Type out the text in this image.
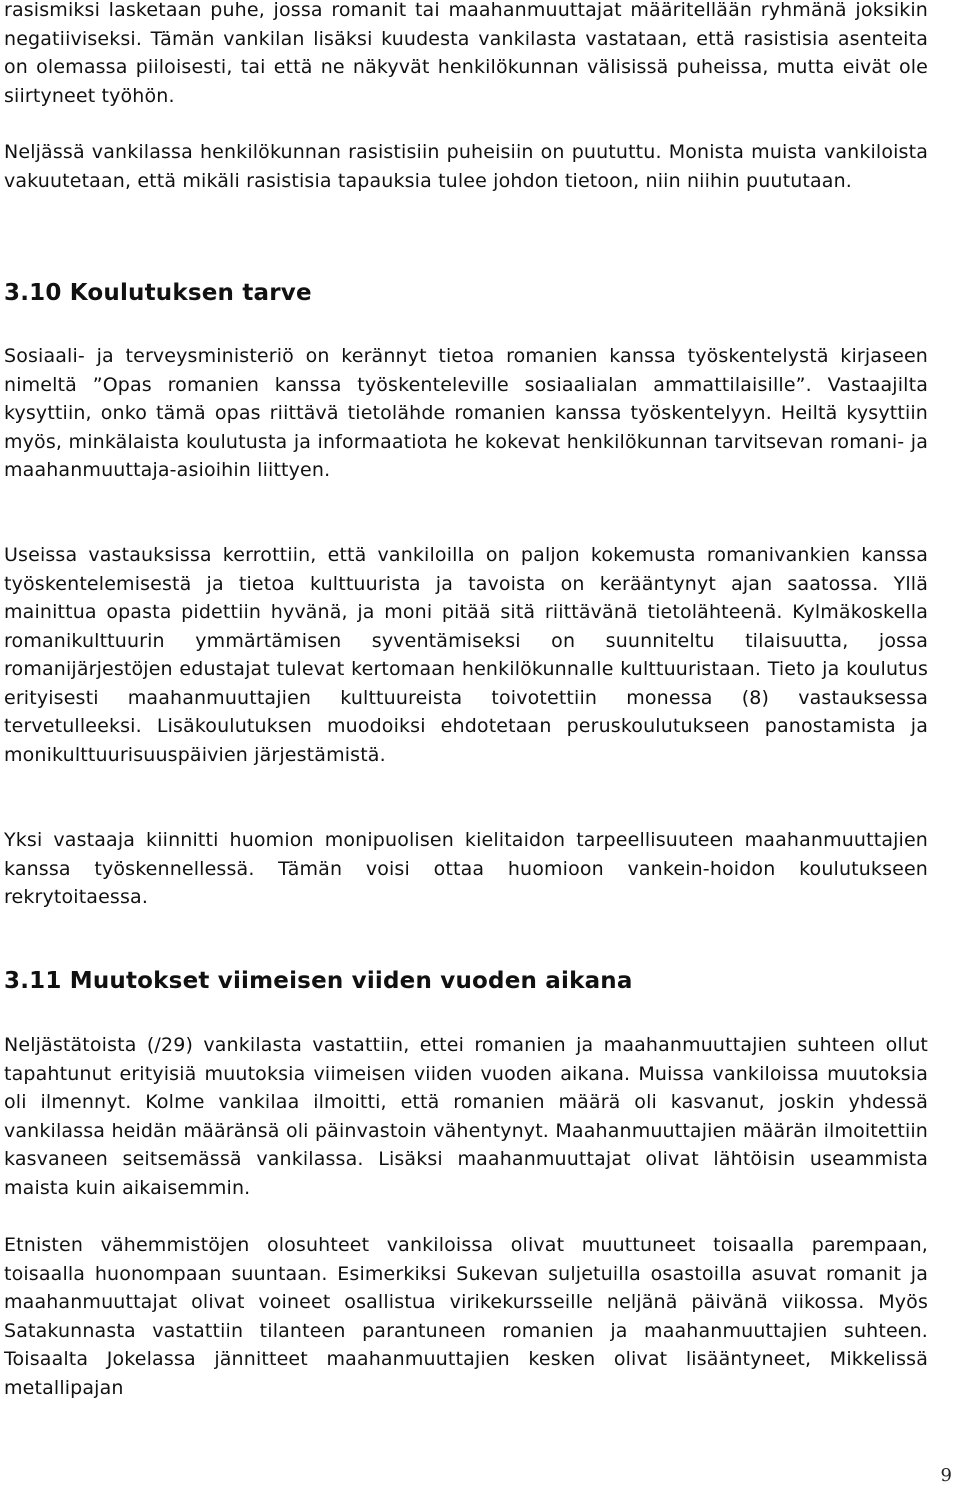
rasismiksi lasketaan puhe, jossa romanit tai maahanmuuttajat määritellään ryhmänä joksikin negatiiviseksi. Tämän vankilan lisäksi kuudesta vankilasta vastataan, että rasistisia asenteita on olemassa piiloisesti, tai että ne näkyvät henkilökunnan välisissä puheissa, mutta eivät ole siirtyneet työhön.

Neljässä vankilassa henkilökunnan rasistisiin puheisiin on puututtu. Monista muista vankiloista vakuutetaan, että mikäli rasistisia tapauksia tulee johdon tietoon, niin niihin puututaan.

3.10 Koulutuksen tarve

Sosiaali- ja terveysministeriö on kerännyt tietoa romanien kanssa työskentelystä kirjaseen nimeltä ”Opas romanien kanssa työskenteleville sosiaalialan ammattilaisille”. Vastaajilta kysyttiin, onko tämä opas riittävä tietolähde romanien kanssa työskentelyyn. Heiltä kysyttiin myös, minkälaista koulutusta ja informaatiota he kokevat henkilökunnan tarvitsevan romani- ja maahanmuuttaja-asioihin liittyen.

Useissa vastauksissa kerrottiin, että vankiloilla on paljon kokemusta romanivankien kanssa työskentelemisestä ja tietoa kulttuurista ja tavoista on kerääntynyt ajan saatossa. Yllä mainittua opasta pidettiin hyvänä, ja moni pitää sitä riittävänä tietolähteenä. Kylmäkoskella romanikulttuurin ymmärtämisen syventämiseksi on suunniteltu tilaisuutta, jossa romanijärjestöjen edustajat tulevat kertomaan henkilökunnalle kulttuuristaan. Tieto ja koulutus erityisesti maahanmuuttajien kulttuureista toivotettiin monessa (8) vastauksessa tervetulleeksi. Lisäkoulutuksen muodoiksi ehdotetaan peruskoulutukseen panostamista ja monikulttuurisuuspäivien järjestämistä.

Yksi vastaaja kiinnitti huomion monipuolisen kielitaidon tarpeellisuuteen maahanmuuttajien kanssa työskennellessä. Tämän voisi ottaa huomioon vankein-hoidon koulutukseen rekrytoitaessa.

3.11 Muutokset viimeisen viiden vuoden aikana

Neljästätoista (/29) vankilasta vastattiin, ettei romanien ja maahanmuuttajien suhteen ollut tapahtunut erityisiä muutoksia viimeisen viiden vuoden aikana. Muissa vankiloissa muutoksia oli ilmennyt. Kolme vankilaa ilmoitti, että romanien määrä oli kasvanut, joskin yhdessä vankilassa heidän määränsä oli päinvastoin vähentynyt. Maahanmuuttajien määrän ilmoitettiin kasvaneen seitsemässä vankilassa. Lisäksi maahanmuuttajat olivat lähtöisin useammista maista kuin aikaisemmin.

Etnisten vähemmistöjen olosuhteet vankiloissa olivat muuttuneet toisaalla parempaan, toisaalla huonompaan suuntaan. Esimerkiksi Sukevan suljetuilla osastoilla asuvat romanit ja maahanmuuttajat olivat voineet osallistua virikekursseille neljänä päivänä viikossa. Myös Satakunnasta vastattiin tilanteen parantuneen romanien ja maahanmuuttajien suhteen. Toisaalta Jokelassa jännitteet maahanmuuttajien kesken olivat lisääntyneet, Mikkelissä metallipajan

9
